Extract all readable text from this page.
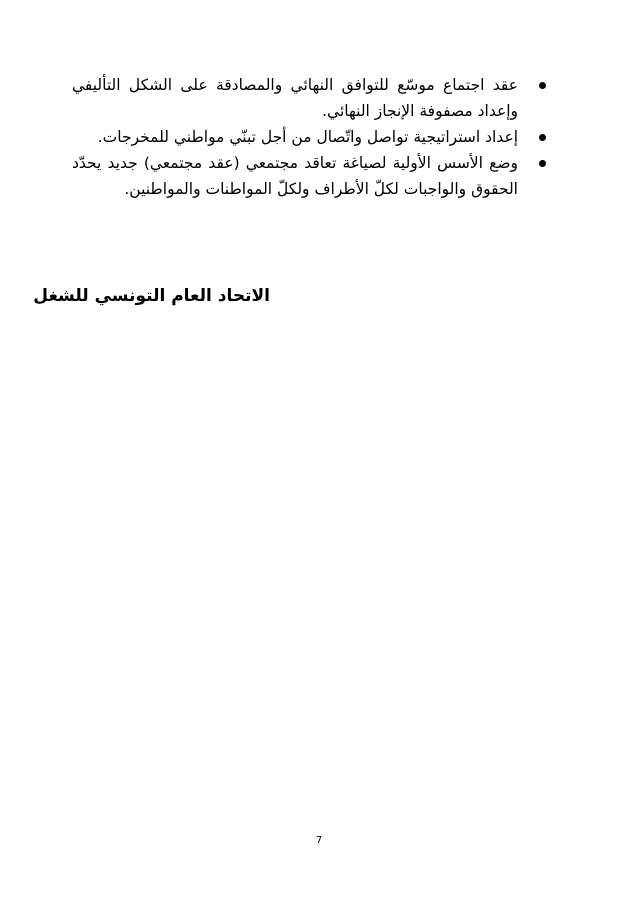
عقد اجتماع موسّع للتوافق النهائي والمصادقة على الشكل التأليفي وإعداد مصفوفة الإنجاز النهائي.
إعداد استراتيجية تواصل واتّصال من أجل تبنّي مواطني للمخرجات.
وضع الأسس الأولية لصياغة تعاقد مجتمعي (عقد مجتمعي) جديد يحدّد الحقوق والواجبات لكلّ الأطراف ولكلّ المواطنات والمواطنين.
الاتحاد العام التونسي للشغل
7
